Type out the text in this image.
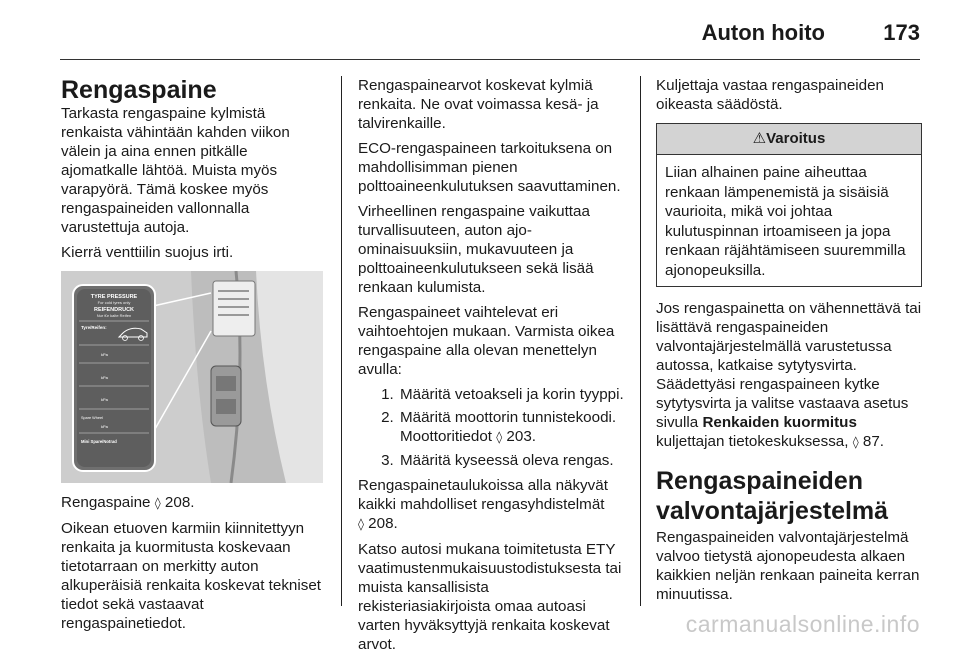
Auton hoito	173
Rengaspaine

Tarkasta rengaspaine kylmistä renkaista vähintään kahden viikon välein ja aina ennen pitkälle ajomatkalle lähtöä. Muista myös varapyörä. Tämä koskee myös rengaspaineiden vallonnalla varustettuja autoja.

Kierrä venttiilin suojus irti.

TYRE PRESSURE
For cold tyres only
REIFENDRUCK
Nur für kalte Reifen
Tyre/Reifen:
kPa
kPa
kPa
Spare Wheel
kPa
Mini Spare/Notrad

Rengaspaine ◊ 208.

Oikean etuoven karmiin kiinnitettyyn renkaita ja kuormitusta koskevaan tietotarraan on merkitty auton alkuperäisiä renkaita koskevat tekniset tiedot sekä vastaavat rengaspainetiedot.

Rengaspainearvot koskevat kylmiä renkaita. Ne ovat voimassa kesä- ja talvirenkaille.

ECO-rengaspaineen tarkoituksena on mahdollisimman pienen polttoaineenkulutuksen saavuttaminen.

Virheellinen rengaspaine vaikuttaa turvallisuuteen, auton ajo-ominaisuuksiin, mukavuuteen ja polttoaineenkulutukseen sekä lisää renkaan kulumista.

Rengaspaineet vaihtelevat eri vaihtoehtojen mukaan. Varmista oikea rengaspaine alla olevan menettelyn avulla:

1. Määritä vetoakseli ja korin tyyppi.
2. Määritä moottorin tunnistekoodi. Moottoritiedot ◊ 203.
3. Määritä kyseessä oleva rengas.

Rengaspainetaulukoissa alla näkyvät kaikki mahdolliset rengasyhdistelmät
◊ 208.

Katso autosi mukana toimitetusta ETY vaatimustenmukaisuustodistuksesta tai muista kansallisista rekisteriasiakirjoista omaa autoasi varten hyväksyttyjä renkaita koskevat arvot.

Kuljettaja vastaa rengaspaineiden oikeasta säädöstä.

⚠Varoitus
Liian alhainen paine aiheuttaa renkaan lämpenemistä ja sisäisiä vaurioita, mikä voi johtaa kulutuspinnan irtoamiseen ja jopa renkaan räjähtämiseen suuremmilla ajonopeuksilla.

Jos rengaspainetta on vähennettävä tai lisättävä rengaspaineiden valvontajärjestelmällä varustetussa autossa, katkaise sytytysvirta. Säädettyäsi rengaspaineen kytke sytytysvirta ja valitse vastaava asetus sivulla Renkaiden kuormitus kuljettajan tietokeskuksessa, ◊ 87.

Rengaspaineiden valvontajärjestelmä

Rengaspaineiden valvontajärjestelmä valvoo tietystä ajonopeudesta alkaen kaikkien neljän renkaan paineita kerran minuutissa.

carmanualsonline.info
